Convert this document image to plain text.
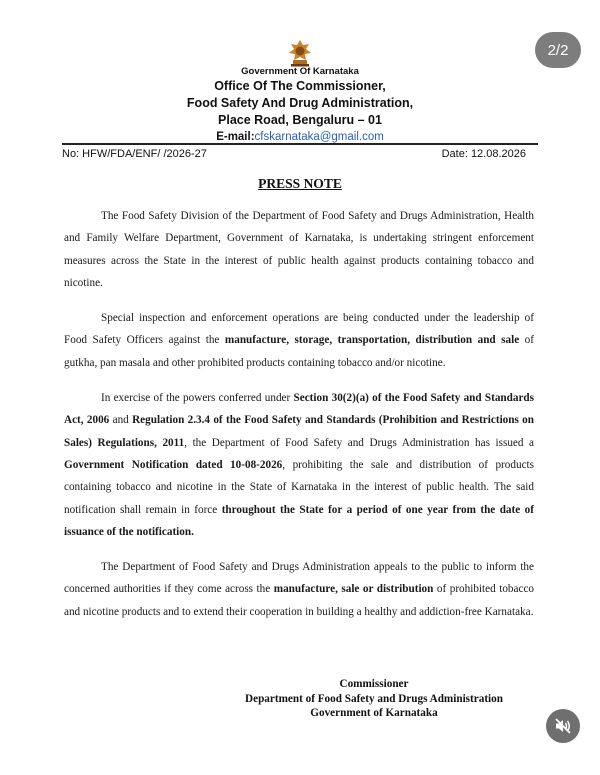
2/2
Government Of Karnataka
Office Of The Commissioner,
Food Safety And Drug Administration,
Place Road, Bengaluru – 01
E-mail:cfskarnataka@gmail.com
No: HFW/FDA/ENF/ /2026-27	Date: 12.08.2026
PRESS NOTE

The Food Safety Division of the Department of Food Safety and Drugs Administration, Health and Family Welfare Department, Government of Karnataka, is undertaking stringent enforcement measures across the State in the interest of public health against products containing tobacco and nicotine.

Special inspection and enforcement operations are being conducted under the leadership of Food Safety Officers against the manufacture, storage, transportation, distribution and sale of gutkha, pan masala and other prohibited products containing tobacco and/or nicotine.

In exercise of the powers conferred under Section 30(2)(a) of the Food Safety and Standards Act, 2006 and Regulation 2.3.4 of the Food Safety and Standards (Prohibition and Restrictions on Sales) Regulations, 2011, the Department of Food Safety and Drugs Administration has issued a Government Notification dated 10-08-2026, prohibiting the sale and distribution of products containing tobacco and nicotine in the State of Karnataka in the interest of public health. The said notification shall remain in force throughout the State for a period of one year from the date of issuance of the notification.

The Department of Food Safety and Drugs Administration appeals to the public to inform the concerned authorities if they come across the manufacture, sale or distribution of prohibited tobacco and nicotine products and to extend their cooperation in building a healthy and addiction-free Karnataka.

Commissioner
Department of Food Safety and Drugs Administration
Government of Karnataka
